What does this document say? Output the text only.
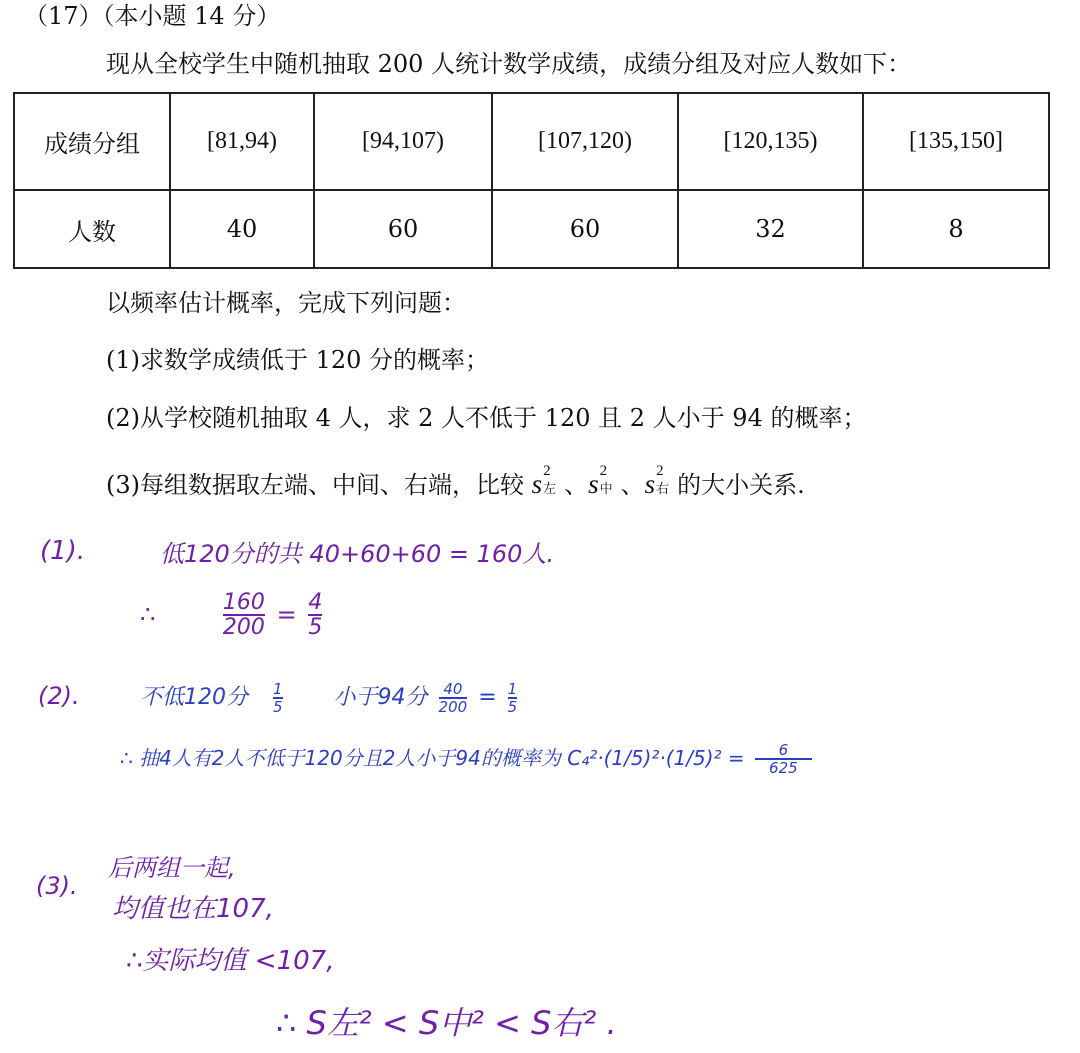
（17）（本小题 14 分）
现从全校学生中随机抽取 200 人统计数学成绩，成绩分组及对应人数如下：
成绩分组	[81,94)	[94,107)	[107,120)	[120,135)	[135,150]
人数	40	60	60	32	8
以频率估计概率，完成下列问题：
(1)求数学成绩低于 120 分的概率；
(2)从学校随机抽取 4 人，求 2 人不低于 120 且 2 人小于 94 的概率；
(3)每组数据取左端、中间、右端，比较 s 2
左 、s 2
中 、s 2
右 的大小关系.
(1).	低120分的共 40+60+60 = 160人.
∴	$\frac{160}{200} = \frac{4}{5}$
(2).	不低120分 $\frac{1}{5}$ 小于94分 $\frac{40}{200} = \frac{1}{5}$
∴ 抽4人有2人不低于120分且2人小于94的概率为 $C_4^2\cdot(1/5)^2\cdot(1/5)^2 = \frac{6}{625}$
(3).
后两组一起,
均值也在107,
∴实际均值 <107,
∴ S左² < S中² < S右² .
